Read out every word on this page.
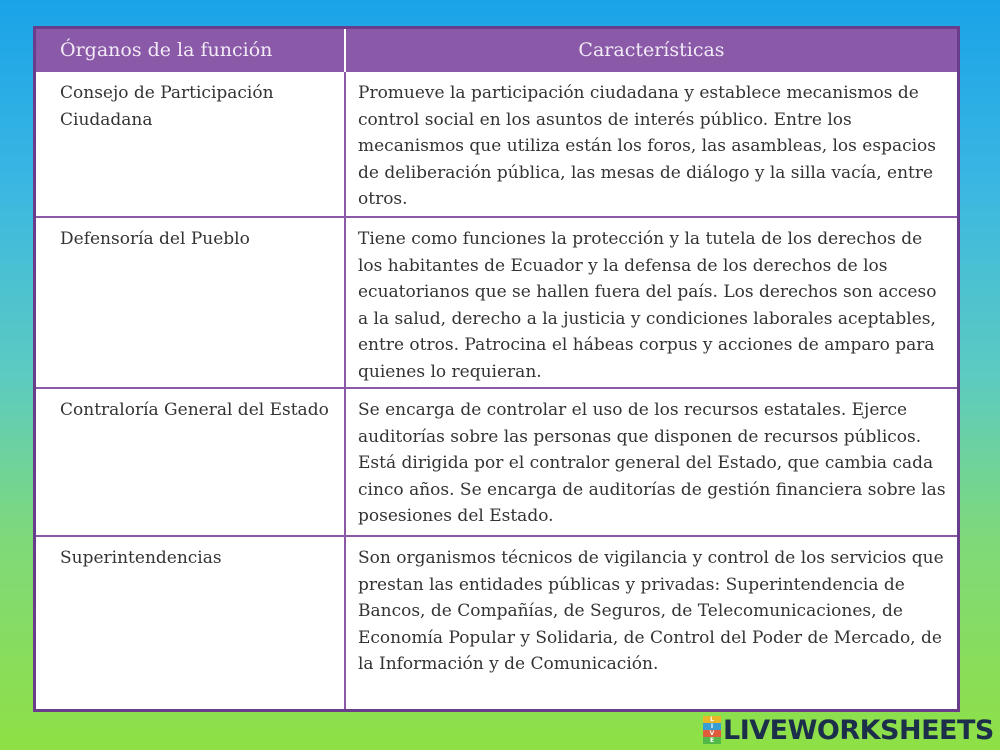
Órganos de la función	Características
Consejo de Participación Ciudadana	Promueve la participación ciudadana y establece mecanismos de control social en los asuntos de interés público. Entre los mecanismos que utiliza están los foros, las asambleas, los espacios de deliberación pública, las mesas de diálogo y la silla vacía, entre otros.
Defensoría del Pueblo	Tiene como funciones la protección y la tutela de los derechos de los habitantes de Ecuador y la defensa de los derechos de los ecuatorianos que se hallen fuera del país. Los derechos son acceso a la salud, derecho a la justicia y condiciones laborales aceptables, entre otros. Patrocina el hábeas corpus y acciones de amparo para quienes lo requieran.
Contraloría General del Estado	Se encarga de controlar el uso de los recursos estatales. Ejerce auditorías sobre las personas que disponen de recursos públicos. Está dirigida por el contralor general del Estado, que cambia cada cinco años. Se encarga de auditorías de gestión financiera sobre las posesiones del Estado.
Superintendencias	Son organismos técnicos de vigilancia y control de los servicios que prestan las entidades públicas y privadas: Superintendencia de Bancos, de Compañías, de Seguros, de Telecomunicaciones, de Economía Popular y Solidaria, de Control del Poder de Mercado, de la Información y de Comunicación.
L
I
V
E LIVEWORKSHEETS
